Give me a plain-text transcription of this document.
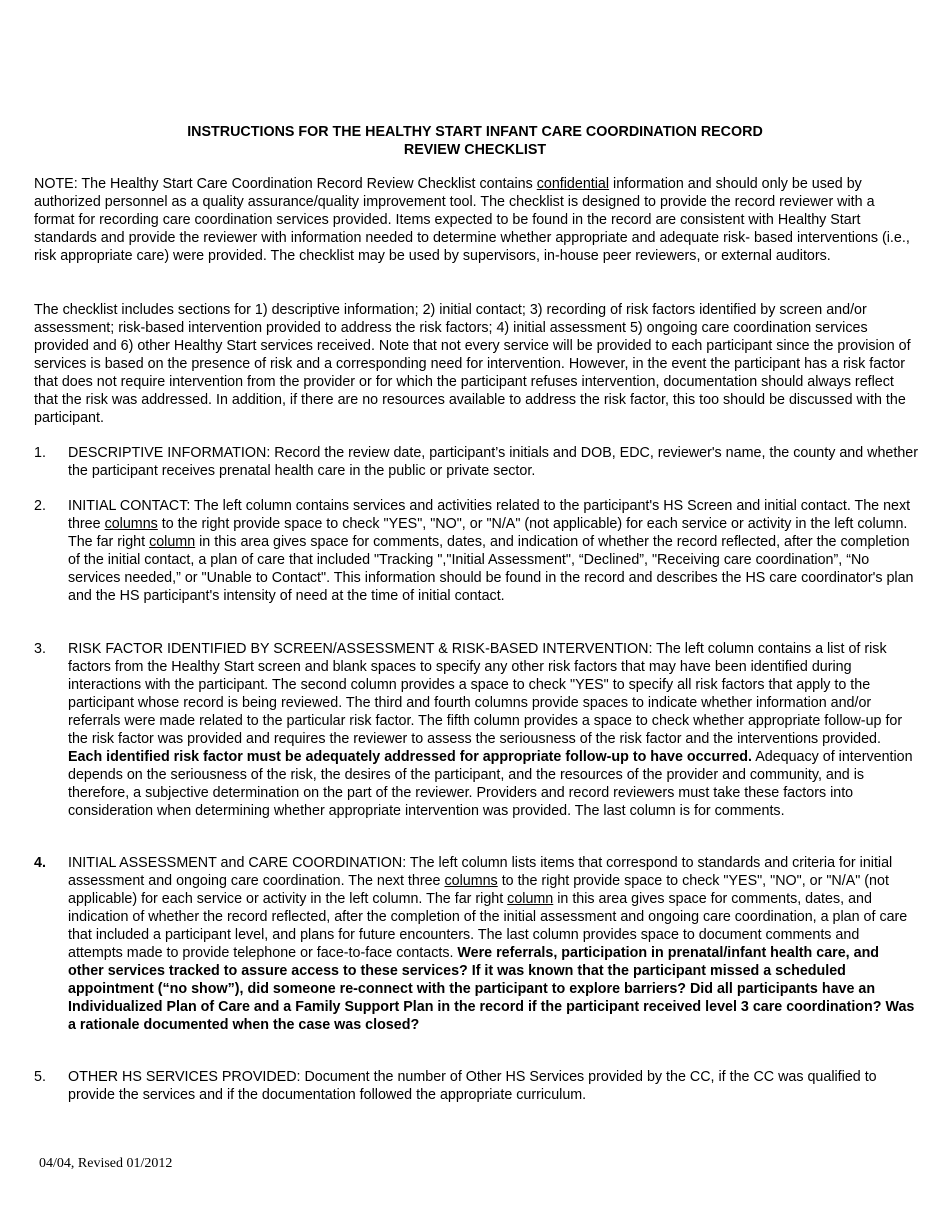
INSTRUCTIONS FOR THE HEALTHY START INFANT CARE COORDINATION RECORD
REVIEW CHECKLIST
NOTE: The Healthy Start Care Coordination Record Review Checklist contains confidential information and should only be used by authorized personnel as a quality assurance/quality improvement tool. The checklist is designed to provide the record reviewer with a format for recording care coordination services provided. Items expected to be found in the record are consistent with Healthy Start standards and provide the reviewer with information needed to determine whether appropriate and adequate risk- based interventions (i.e., risk appropriate care) were provided. The checklist may be used by supervisors, in-house peer reviewers, or external auditors.
The checklist includes sections for 1) descriptive information; 2) initial contact; 3) recording of risk factors identified by screen and/or assessment; risk-based intervention provided to address the risk factors; 4) initial assessment 5) ongoing care coordination services provided and 6) other Healthy Start services received. Note that not every service will be provided to each participant since the provision of services is based on the presence of risk and a corresponding need for intervention. However, in the event the participant has a risk factor that does not require intervention from the provider or for which the participant refuses intervention, documentation should always reflect that the risk was addressed. In addition, if there are no resources available to address the risk factor, this too should be discussed with the participant.
1. DESCRIPTIVE INFORMATION: Record the review date, participant’s initials and DOB, EDC, reviewer's name, the county and whether the participant receives prenatal health care in the public or private sector.
2. INITIAL CONTACT: The left column contains services and activities related to the participant's HS Screen and initial contact. The next three columns to the right provide space to check "YES", "NO", or "N/A" (not applicable) for each service or activity in the left column. The far right column in this area gives space for comments, dates, and indication of whether the record reflected, after the completion of the initial contact, a plan of care that included "Tracking ","Initial Assessment", “Declined”, "Receiving care coordination”, “No services needed,” or "Unable to Contact". This information should be found in the record and describes the HS care coordinator's plan and the HS participant's intensity of need at the time of initial contact.
3. RISK FACTOR IDENTIFIED BY SCREEN/ASSESSMENT & RISK-BASED INTERVENTION: The left column contains a list of risk factors from the Healthy Start screen and blank spaces to specify any other risk factors that may have been identified during interactions with the participant. The second column provides a space to check "YES" to specify all risk factors that apply to the participant whose record is being reviewed. The third and fourth columns provide spaces to indicate whether information and/or referrals were made related to the particular risk factor. The fifth column provides a space to check whether appropriate follow-up for the risk factor was provided and requires the reviewer to assess the seriousness of the risk factor and the interventions provided. Each identified risk factor must be adequately addressed for appropriate follow-up to have occurred. Adequacy of intervention depends on the seriousness of the risk, the desires of the participant, and the resources of the provider and community, and is therefore, a subjective determination on the part of the reviewer. Providers and record reviewers must take these factors into consideration when determining whether appropriate intervention was provided. The last column is for comments.
4. INITIAL ASSESSMENT and CARE COORDINATION: The left column lists items that correspond to standards and criteria for initial assessment and ongoing care coordination. The next three columns to the right provide space to check "YES", "NO", or "N/A" (not applicable) for each service or activity in the left column. The far right column in this area gives space for comments, dates, and indication of whether the record reflected, after the completion of the initial assessment and ongoing care coordination, a plan of care that included a participant level, and plans for future encounters. The last column provides space to document comments and attempts made to provide telephone or face-to-face contacts. Were referrals, participation in prenatal/infant health care, and other services tracked to assure access to these services? If it was known that the participant missed a scheduled appointment (“no show”), did someone re-connect with the participant to explore barriers? Did all participants have an Individualized Plan of Care and a Family Support Plan in the record if the participant received level 3 care coordination? Was a rationale documented when the case was closed?
5. OTHER HS SERVICES PROVIDED: Document the number of Other HS Services provided by the CC, if the CC was qualified to provide the services and if the documentation followed the appropriate curriculum.
04/04, Revised 01/2012
